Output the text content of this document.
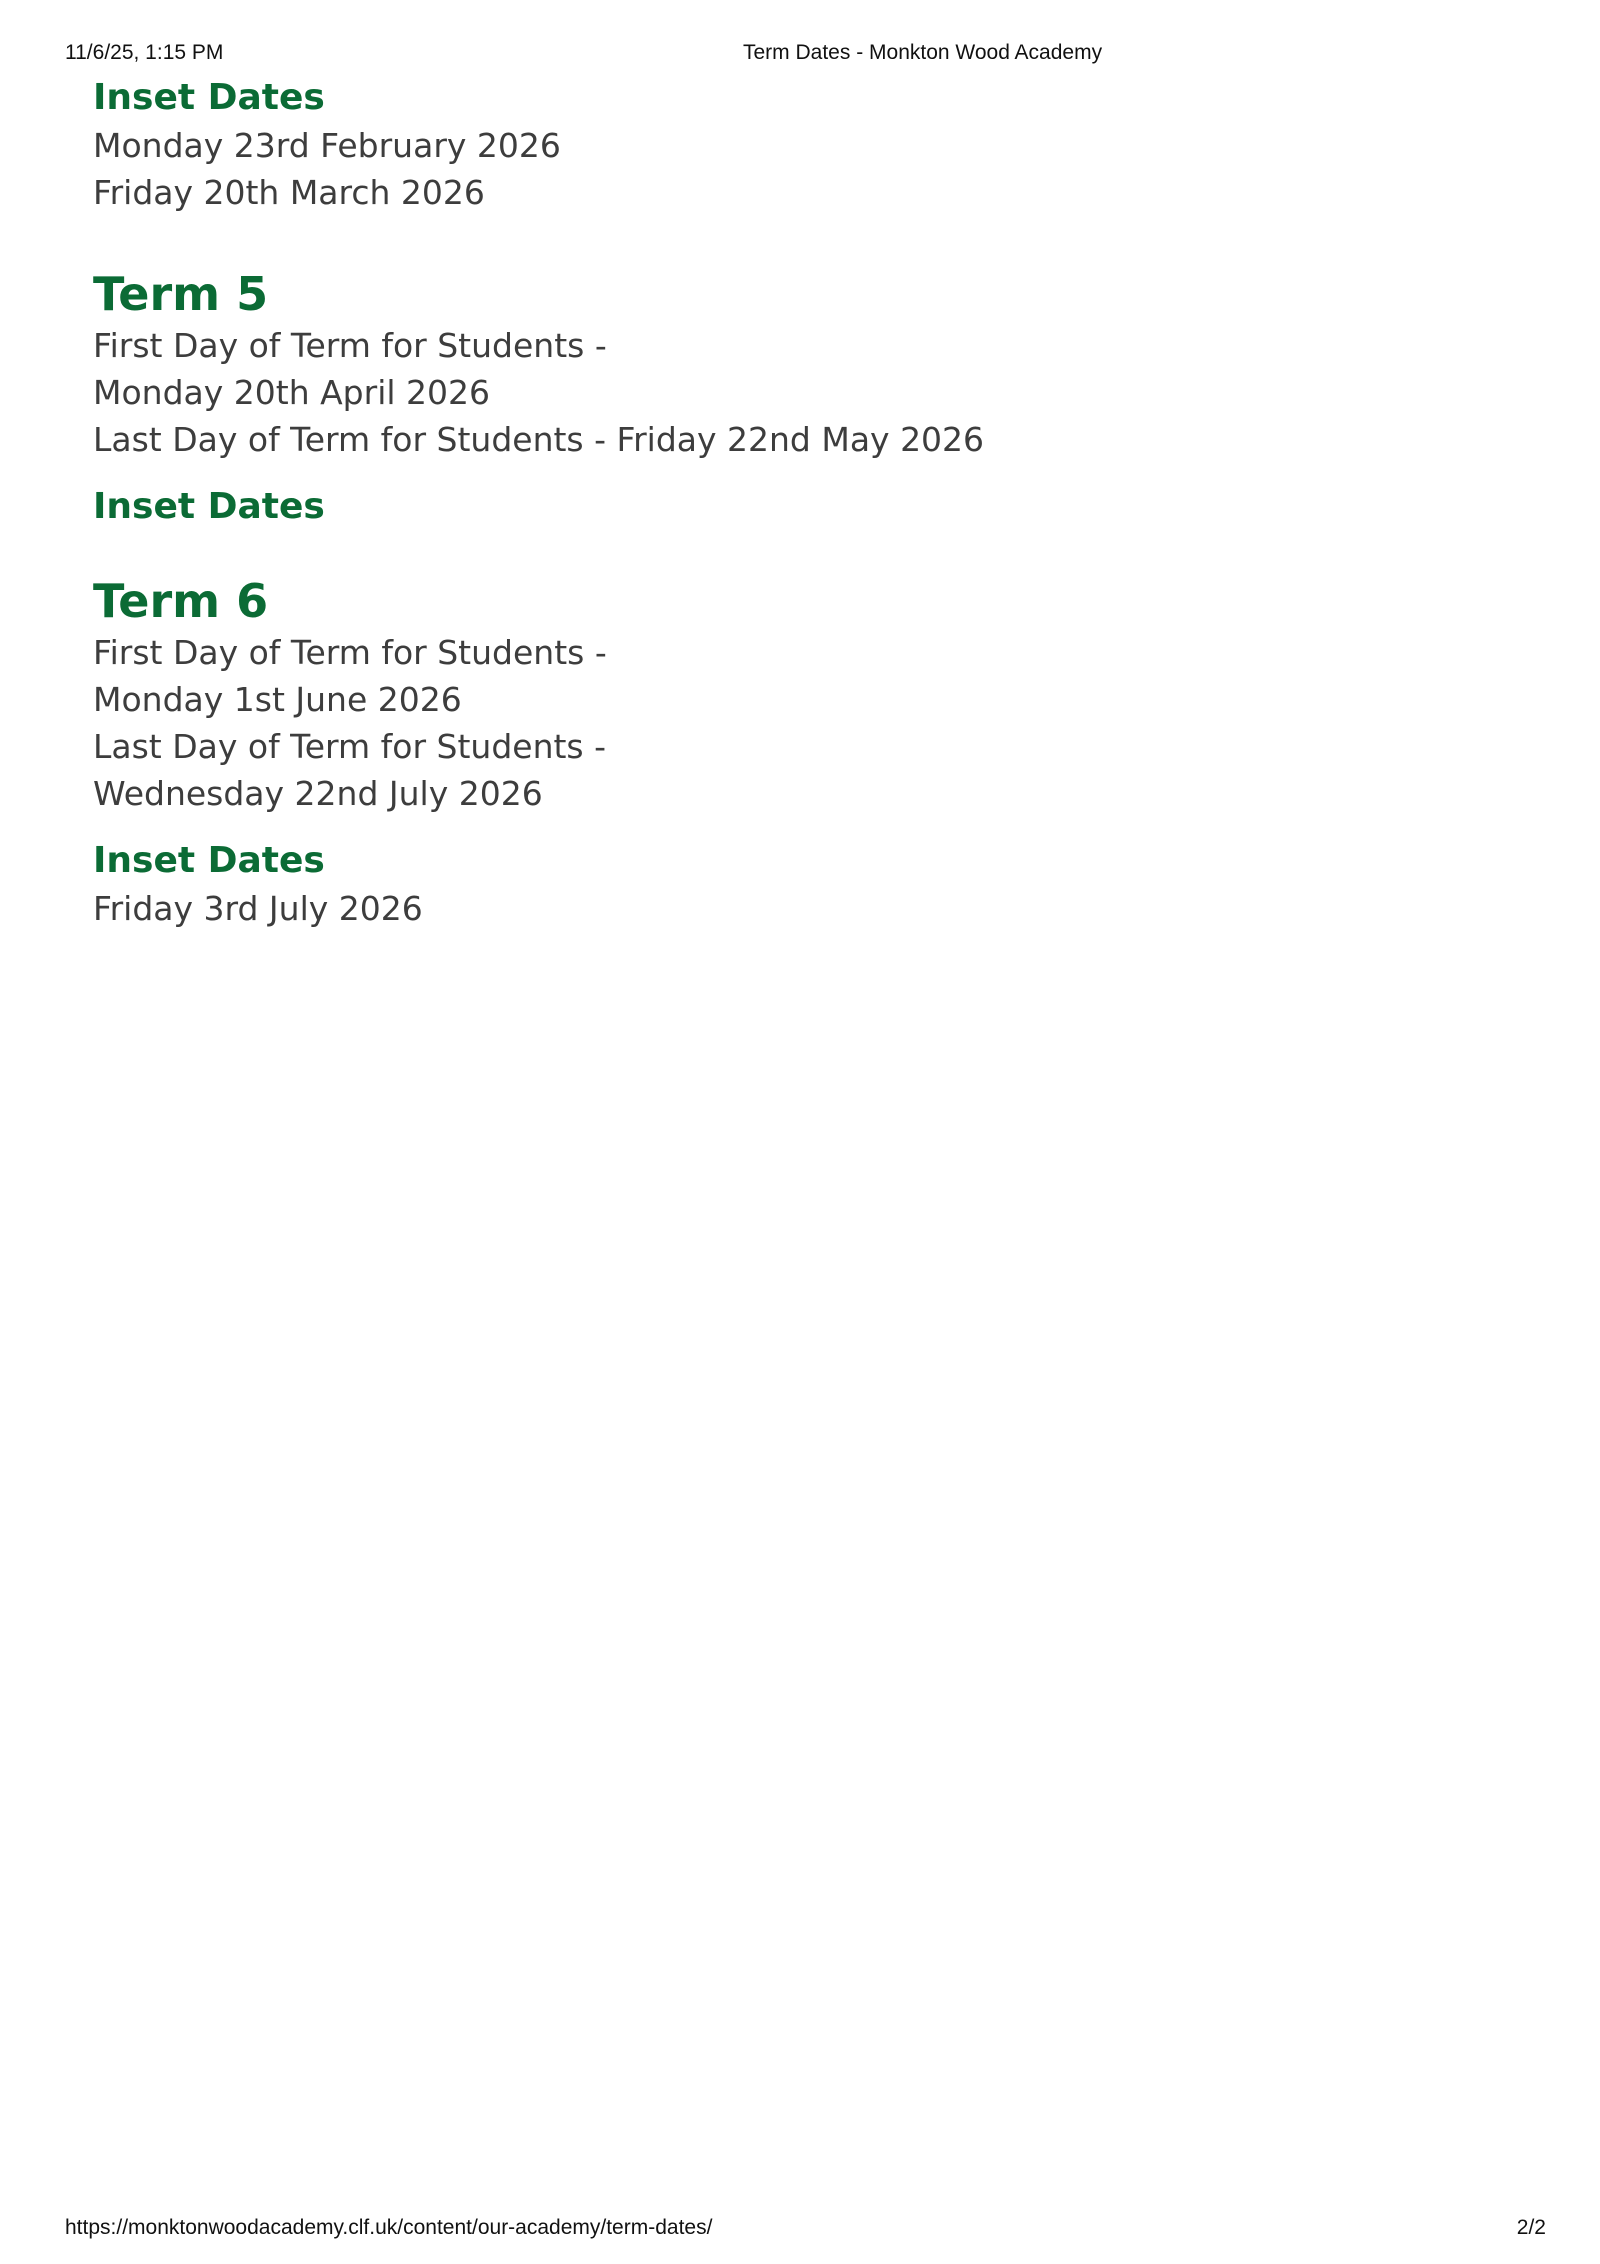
11/6/25, 1:15 PM	Term Dates - Monkton Wood Academy
Inset Dates

Monday 23rd February 2026

Friday 20th March 2026

Term 5

First Day of Term for Students -

Monday 20th April 2026

Last Day of Term for Students - Friday 22nd May 2026

Inset Dates
Term 6

First Day of Term for Students -

Monday 1st June 2026

Last Day of Term for Students -

Wednesday 22nd July 2026

Inset Dates

Friday 3rd July 2026

https://monktonwoodacademy.clf.uk/content/our-academy/term-dates/	2/2
